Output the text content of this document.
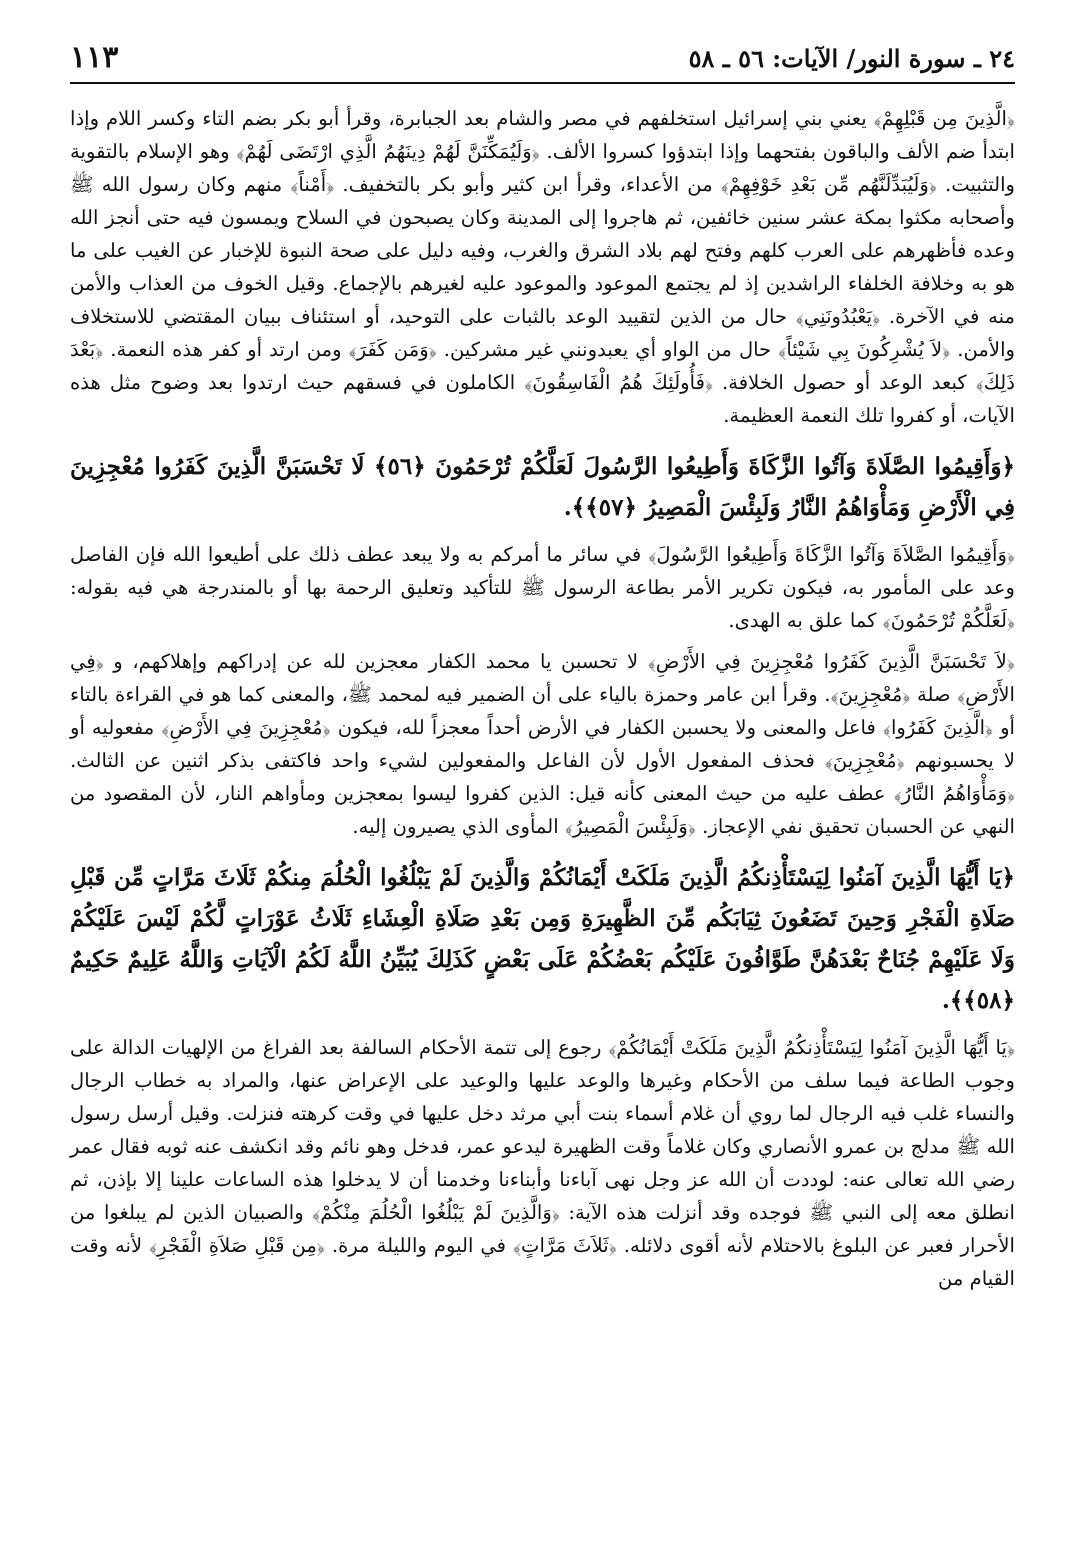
٢٤ ـ سورة النور/ الآيات: ٥٦ ـ ٥٨
١١٣

﴿الَّذِينَ مِن قَبْلِهِمْ﴾ يعني بني إسرائيل استخلفهم في مصر والشام بعد الجبابرة، وقرأ أبو بكر بضم التاء وكسر اللام وإذا ابتدأ ضم الألف والباقون بفتحهما وإذا ابتدؤوا كسروا الألف. ﴿وَلَيُمَكِّنَنَّ لَهُمْ دِينَهُمُ الَّذِي ارْتَضَى لَهُمْ﴾ وهو الإسلام بالتقوية والتثبيت. ﴿وَلَيُبَدِّلَنَّهُم مِّن بَعْدِ خَوْفِهِمْ﴾ من الأعداء، وقرأ ابن كثير وأبو بكر بالتخفيف. ﴿أَمْناً﴾ منهم وكان رسول الله ﷺ وأصحابه مكثوا بمكة عشر سنين خائفين، ثم هاجروا إلى المدينة وكان يصبحون في السلاح ويمسون فيه حتى أنجز الله وعده فأظهرهم على العرب كلهم وفتح لهم بلاد الشرق والغرب، وفيه دليل على صحة النبوة للإخبار عن الغيب على ما هو به وخلافة الخلفاء الراشدين إذ لم يجتمع الموعود والموعود عليه لغيرهم بالإجماع. وقيل الخوف من العذاب والأمن منه في الآخرة. ﴿يَعْبُدُونَنِي﴾ حال من الذين لتقييد الوعد بالثبات على التوحيد، أو استئناف ببيان المقتضي للاستخلاف والأمن. ﴿لاَ يُشْرِكُونَ بِي شَيْئاً﴾ حال من الواو أي يعبدونني غير مشركين. ﴿وَمَن كَفَرَ﴾ ومن ارتد أو كفر هذه النعمة. ﴿بَعْدَ ذَلِكَ﴾ كبعد الوعد أو حصول الخلافة. ﴿فَأُولَئِكَ هُمُ الْفَاسِقُونَ﴾ الكاملون في فسقهم حيث ارتدوا بعد وضوح مثل هذه الآيات، أو كفروا تلك النعمة العظيمة.

﴿وَأَقِيمُوا الصَّلَاةَ وَآتُوا الزَّكَاةَ وَأَطِيعُوا الرَّسُولَ لَعَلَّكُمْ تُرْحَمُونَ ﴿٥٦﴾ لَا تَحْسَبَنَّ الَّذِينَ كَفَرُوا مُعْجِزِينَ فِي الْأَرْضِ وَمَأْوَاهُمُ النَّارُ وَلَبِئْسَ الْمَصِيرُ ﴿٥٧﴾﴾.

﴿وَأَقِيمُوا الصَّلاَةَ وَآتُوا الزَّكَاةَ وَأَطِيعُوا الرَّسُولَ﴾ في سائر ما أمركم به ولا يبعد عطف ذلك على أطيعوا الله فإن الفاصل وعد على المأمور به، فيكون تكرير الأمر بطاعة الرسول ﷺ للتأكيد وتعليق الرحمة بها أو بالمندرجة هي فيه بقوله: ﴿لَعَلَّكُمْ تُرْحَمُونَ﴾ كما علق به الهدى.

﴿لاَ تَحْسَبَنَّ الَّذِينَ كَفَرُوا مُعْجِزِينَ فِي الأَرْضِ﴾ لا تحسبن يا محمد الكفار معجزين لله عن إدراكهم وإهلاكهم، و ﴿فِي الأَرْضِ﴾ صلة ﴿مُعْجِزِينَ﴾. وقرأ ابن عامر وحمزة بالياء على أن الضمير فيه لمحمد ﷺ، والمعنى كما هو في القراءة بالتاء أو ﴿الَّذِينَ كَفَرُوا﴾ فاعل والمعنى ولا يحسبن الكفار في الأرض أحداً معجزاً لله، فيكون ﴿مُعْجِزِينَ فِي الأَرْضِ﴾ مفعوليه أو لا يحسبونهم ﴿مُعْجِزِينَ﴾ فحذف المفعول الأول لأن الفاعل والمفعولين لشيء واحد فاكتفى بذكر اثنين عن الثالث. ﴿وَمَأْوَاهُمُ النَّارُ﴾ عطف عليه من حيث المعنى كأنه قيل: الذين كفروا ليسوا بمعجزين ومأواهم النار، لأن المقصود من النهي عن الحسبان تحقيق نفي الإعجاز. ﴿وَلَبِئْسَ الْمَصِيرُ﴾ المأوى الذي يصيرون إليه.

﴿يَا أَيُّهَا الَّذِينَ آمَنُوا لِيَسْتَأْذِنكُمُ الَّذِينَ مَلَكَتْ أَيْمَانُكُمْ وَالَّذِينَ لَمْ يَبْلُغُوا الْحُلُمَ مِنكُمْ ثَلَاثَ مَرَّاتٍ مِّن قَبْلِ صَلَاةِ الْفَجْرِ وَحِينَ تَضَعُونَ ثِيَابَكُم مِّنَ الظَّهِيرَةِ وَمِن بَعْدِ صَلَاةِ الْعِشَاءِ ثَلَاثُ عَوْرَاتٍ لَّكُمْ لَيْسَ عَلَيْكُمْ وَلَا عَلَيْهِمْ جُنَاحٌ بَعْدَهُنَّ طَوَّافُونَ عَلَيْكُم بَعْضُكُمْ عَلَى بَعْضٍ كَذَلِكَ يُبَيِّنُ اللَّهُ لَكُمُ الْآيَاتِ وَاللَّهُ عَلِيمٌ حَكِيمٌ ﴿٥٨﴾﴾.

﴿يَا أَيُّهَا الَّذِينَ آمَنُوا لِيَسْتَأْذِنكُمُ الَّذِينَ مَلَكَتْ أَيْمَانُكُمْ﴾ رجوع إلى تتمة الأحكام السالفة بعد الفراغ من الإلهيات الدالة على وجوب الطاعة فيما سلف من الأحكام وغيرها والوعد عليها والوعيد على الإعراض عنها، والمراد به خطاب الرجال والنساء غلب فيه الرجال لما روي أن غلام أسماء بنت أبي مرثد دخل عليها في وقت كرهته فنزلت. وقيل أرسل رسول الله ﷺ مدلج بن عمرو الأنصاري وكان غلاماً وقت الظهيرة ليدعو عمر، فدخل وهو نائم وقد انكشف عنه ثوبه فقال عمر رضي الله تعالى عنه: لوددت أن الله عز وجل نهى آباءنا وأبناءنا وخدمنا أن لا يدخلوا هذه الساعات علينا إلا بإذن، ثم انطلق معه إلى النبي ﷺ فوجده وقد أنزلت هذه الآية: ﴿وَالَّذِينَ لَمْ يَبْلُغُوا الْحُلُمَ مِنْكُمْ﴾ والصبيان الذين لم يبلغوا من الأحرار فعبر عن البلوغ بالاحتلام لأنه أقوى دلائله. ﴿ثَلاَثَ مَرَّاتٍ﴾ في اليوم والليلة مرة. ﴿مِن قَبْلِ صَلاَةِ الْفَجْرِ﴾ لأنه وقت القيام من
